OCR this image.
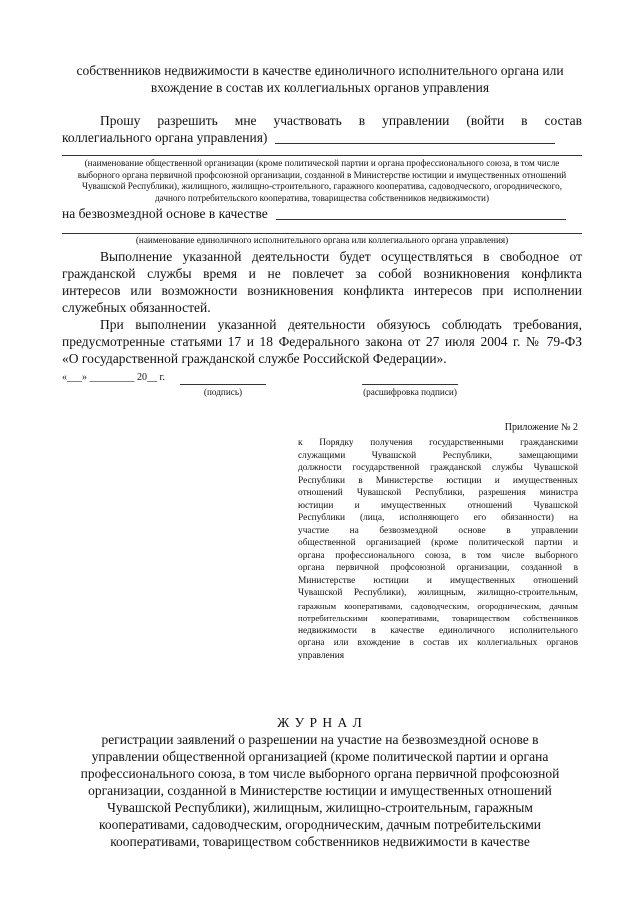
собственников недвижимости в качестве единоличного исполнительного органа или
вхождение в состав их коллегиальных органов управления
Прошу разрешить мне участвовать в управлении (войти в состав
коллегиального органа управления)
(наименование общественной организации (кроме политической партии и органа профессионального союза, в том числе
выборного органа первичной профсоюзной организации, созданной в Министерстве юстиции и имущественных отношений
Чувашской Республики), жилищного, жилищно-строительного, гаражного кооператива, садоводческого, огороднического,
дачного потребительского кооператива, товарищества собственников недвижимости)
на безвозмездной основе в качестве
(наименование единоличного исполнительного органа или коллегиального органа управления)
Выполнение указанной деятельности будет осуществляться в свободное от
гражданской службы время и не повлечет за собой возникновения конфликта
интересов или возможности возникновения конфликта интересов при исполнении
служебных обязанностей.
При выполнении указанной деятельности обязуюсь соблюдать требования,
предусмотренные статьями 17 и 18 Федерального закона от 27 июля 2004 г. № 79-ФЗ
«О государственной гражданской службе Российской Федерации».
«___» _________ 20__ г.
(подпись)	(расшифровка подписи)
Приложение № 2
к Порядку получения государственными гражданскими
служащими Чувашской Республики, замещающими
должности государственной гражданской службы Чувашской
Республики в Министерстве юстиции и имущественных
отношений Чувашской Республики, разрешения министра
юстиции и имущественных отношений Чувашской
Республики (лица, исполняющего его обязанности) на
участие на безвозмездной основе в управлении
общественной организацией (кроме политической партии и
органа профессионального союза, в том числе выборного
органа первичной профсоюзной организации, созданной в
Министерстве юстиции и имущественных отношений
Чувашской Республики), жилищным, жилищно-строительным,
гаражным кооперативами, садоводческим, огородническим, дачным
потребительскими кооперативами, товариществом собственников
недвижимости в качестве единоличного исполнительного
органа или вхождение в состав их коллегиальных органов
управления
Ж У Р Н А Л
регистрации заявлений о разрешении на участие на безвозмездной основе в
управлении общественной организацией (кроме политической партии и органа
профессионального союза, в том числе выборного органа первичной профсоюзной
организации, созданной в Министерстве юстиции и имущественных отношений
Чувашской Республики), жилищным, жилищно-строительным, гаражным
кооперативами, садоводческим, огородническим, дачным потребительскими
кооперативами, товариществом собственников недвижимости в качестве
